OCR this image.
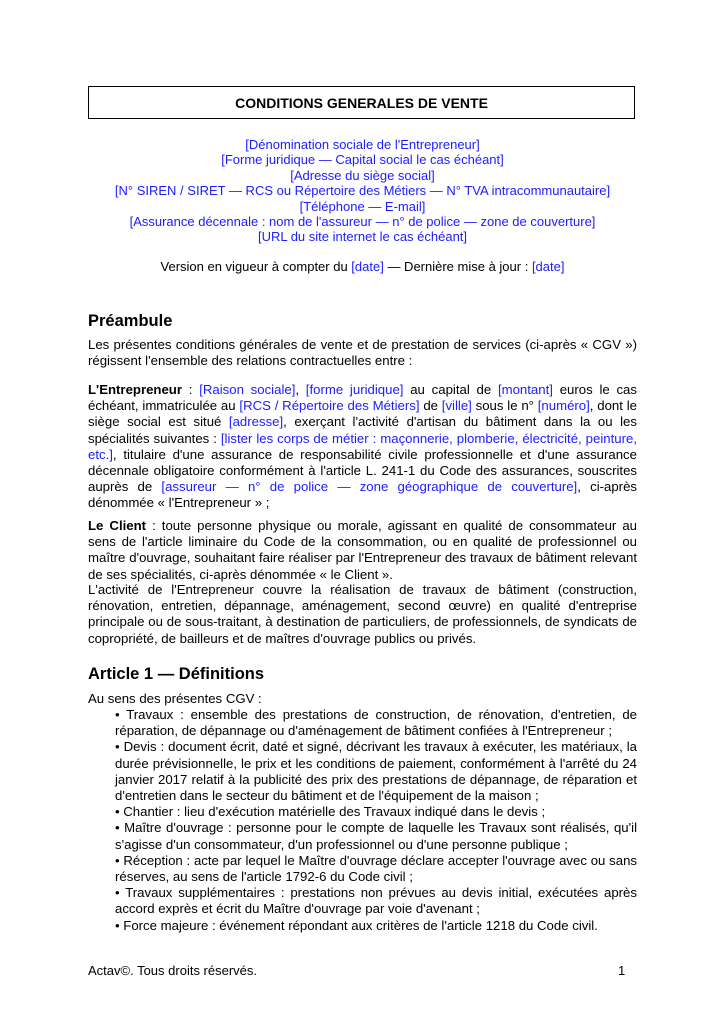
CONDITIONS GENERALES DE VENTE
[Dénomination sociale de l'Entrepreneur]
[Forme juridique — Capital social le cas échéant]
[Adresse du siège social]
[N° SIREN / SIRET — RCS ou Répertoire des Métiers — N° TVA intracommunautaire]
[Téléphone — E-mail]
[Assurance décennale : nom de l'assureur — n° de police — zone de couverture]
[URL du site internet le cas échéant]
Version en vigueur à compter du [date] — Dernière mise à jour : [date]
Préambule
Les présentes conditions générales de vente et de prestation de services (ci-après « CGV ») régissent l'ensemble des relations contractuelles entre :
L'Entrepreneur : [Raison sociale], [forme juridique] au capital de [montant] euros le cas échéant, immatriculée au [RCS / Répertoire des Métiers] de [ville] sous le n° [numéro], dont le siège social est situé [adresse], exerçant l'activité d'artisan du bâtiment dans la ou les spécialités suivantes : [lister les corps de métier : maçonnerie, plomberie, électricité, peinture, etc.], titulaire d'une assurance de responsabilité civile professionnelle et d'une assurance décennale obligatoire conformément à l'article L. 241-1 du Code des assurances, souscrites auprès de [assureur — n° de police — zone géographique de couverture], ci-après dénommée « l'Entrepreneur » ;
Le Client : toute personne physique ou morale, agissant en qualité de consommateur au sens de l'article liminaire du Code de la consommation, ou en qualité de professionnel ou maître d'ouvrage, souhaitant faire réaliser par l'Entrepreneur des travaux de bâtiment relevant de ses spécialités, ci-après dénommée « le Client ».
L'activité de l'Entrepreneur couvre la réalisation de travaux de bâtiment (construction, rénovation, entretien, dépannage, aménagement, second œuvre) en qualité d'entreprise principale ou de sous-traitant, à destination de particuliers, de professionnels, de syndicats de copropriété, de bailleurs et de maîtres d'ouvrage publics ou privés.
Article 1 — Définitions
Au sens des présentes CGV :

• Travaux : ensemble des prestations de construction, de rénovation, d'entretien, de réparation, de dépannage ou d'aménagement de bâtiment confiées à l'Entrepreneur ;

• Devis : document écrit, daté et signé, décrivant les travaux à exécuter, les matériaux, la durée prévisionnelle, le prix et les conditions de paiement, conformément à l'arrêté du 24 janvier 2017 relatif à la publicité des prix des prestations de dépannage, de réparation et d'entretien dans le secteur du bâtiment et de l'équipement de la maison ;

• Chantier : lieu d'exécution matérielle des Travaux indiqué dans le devis ;

• Maître d'ouvrage : personne pour le compte de laquelle les Travaux sont réalisés, qu'il s'agisse d'un consommateur, d'un professionnel ou d'une personne publique ;

• Réception : acte par lequel le Maître d'ouvrage déclare accepter l'ouvrage avec ou sans réserves, au sens de l'article 1792-6 du Code civil ;

• Travaux supplémentaires : prestations non prévues au devis initial, exécutées après accord exprès et écrit du Maître d'ouvrage par voie d'avenant ;

• Force majeure : événement répondant aux critères de l'article 1218 du Code civil.

Actav©. Tous droits réservés.	1
